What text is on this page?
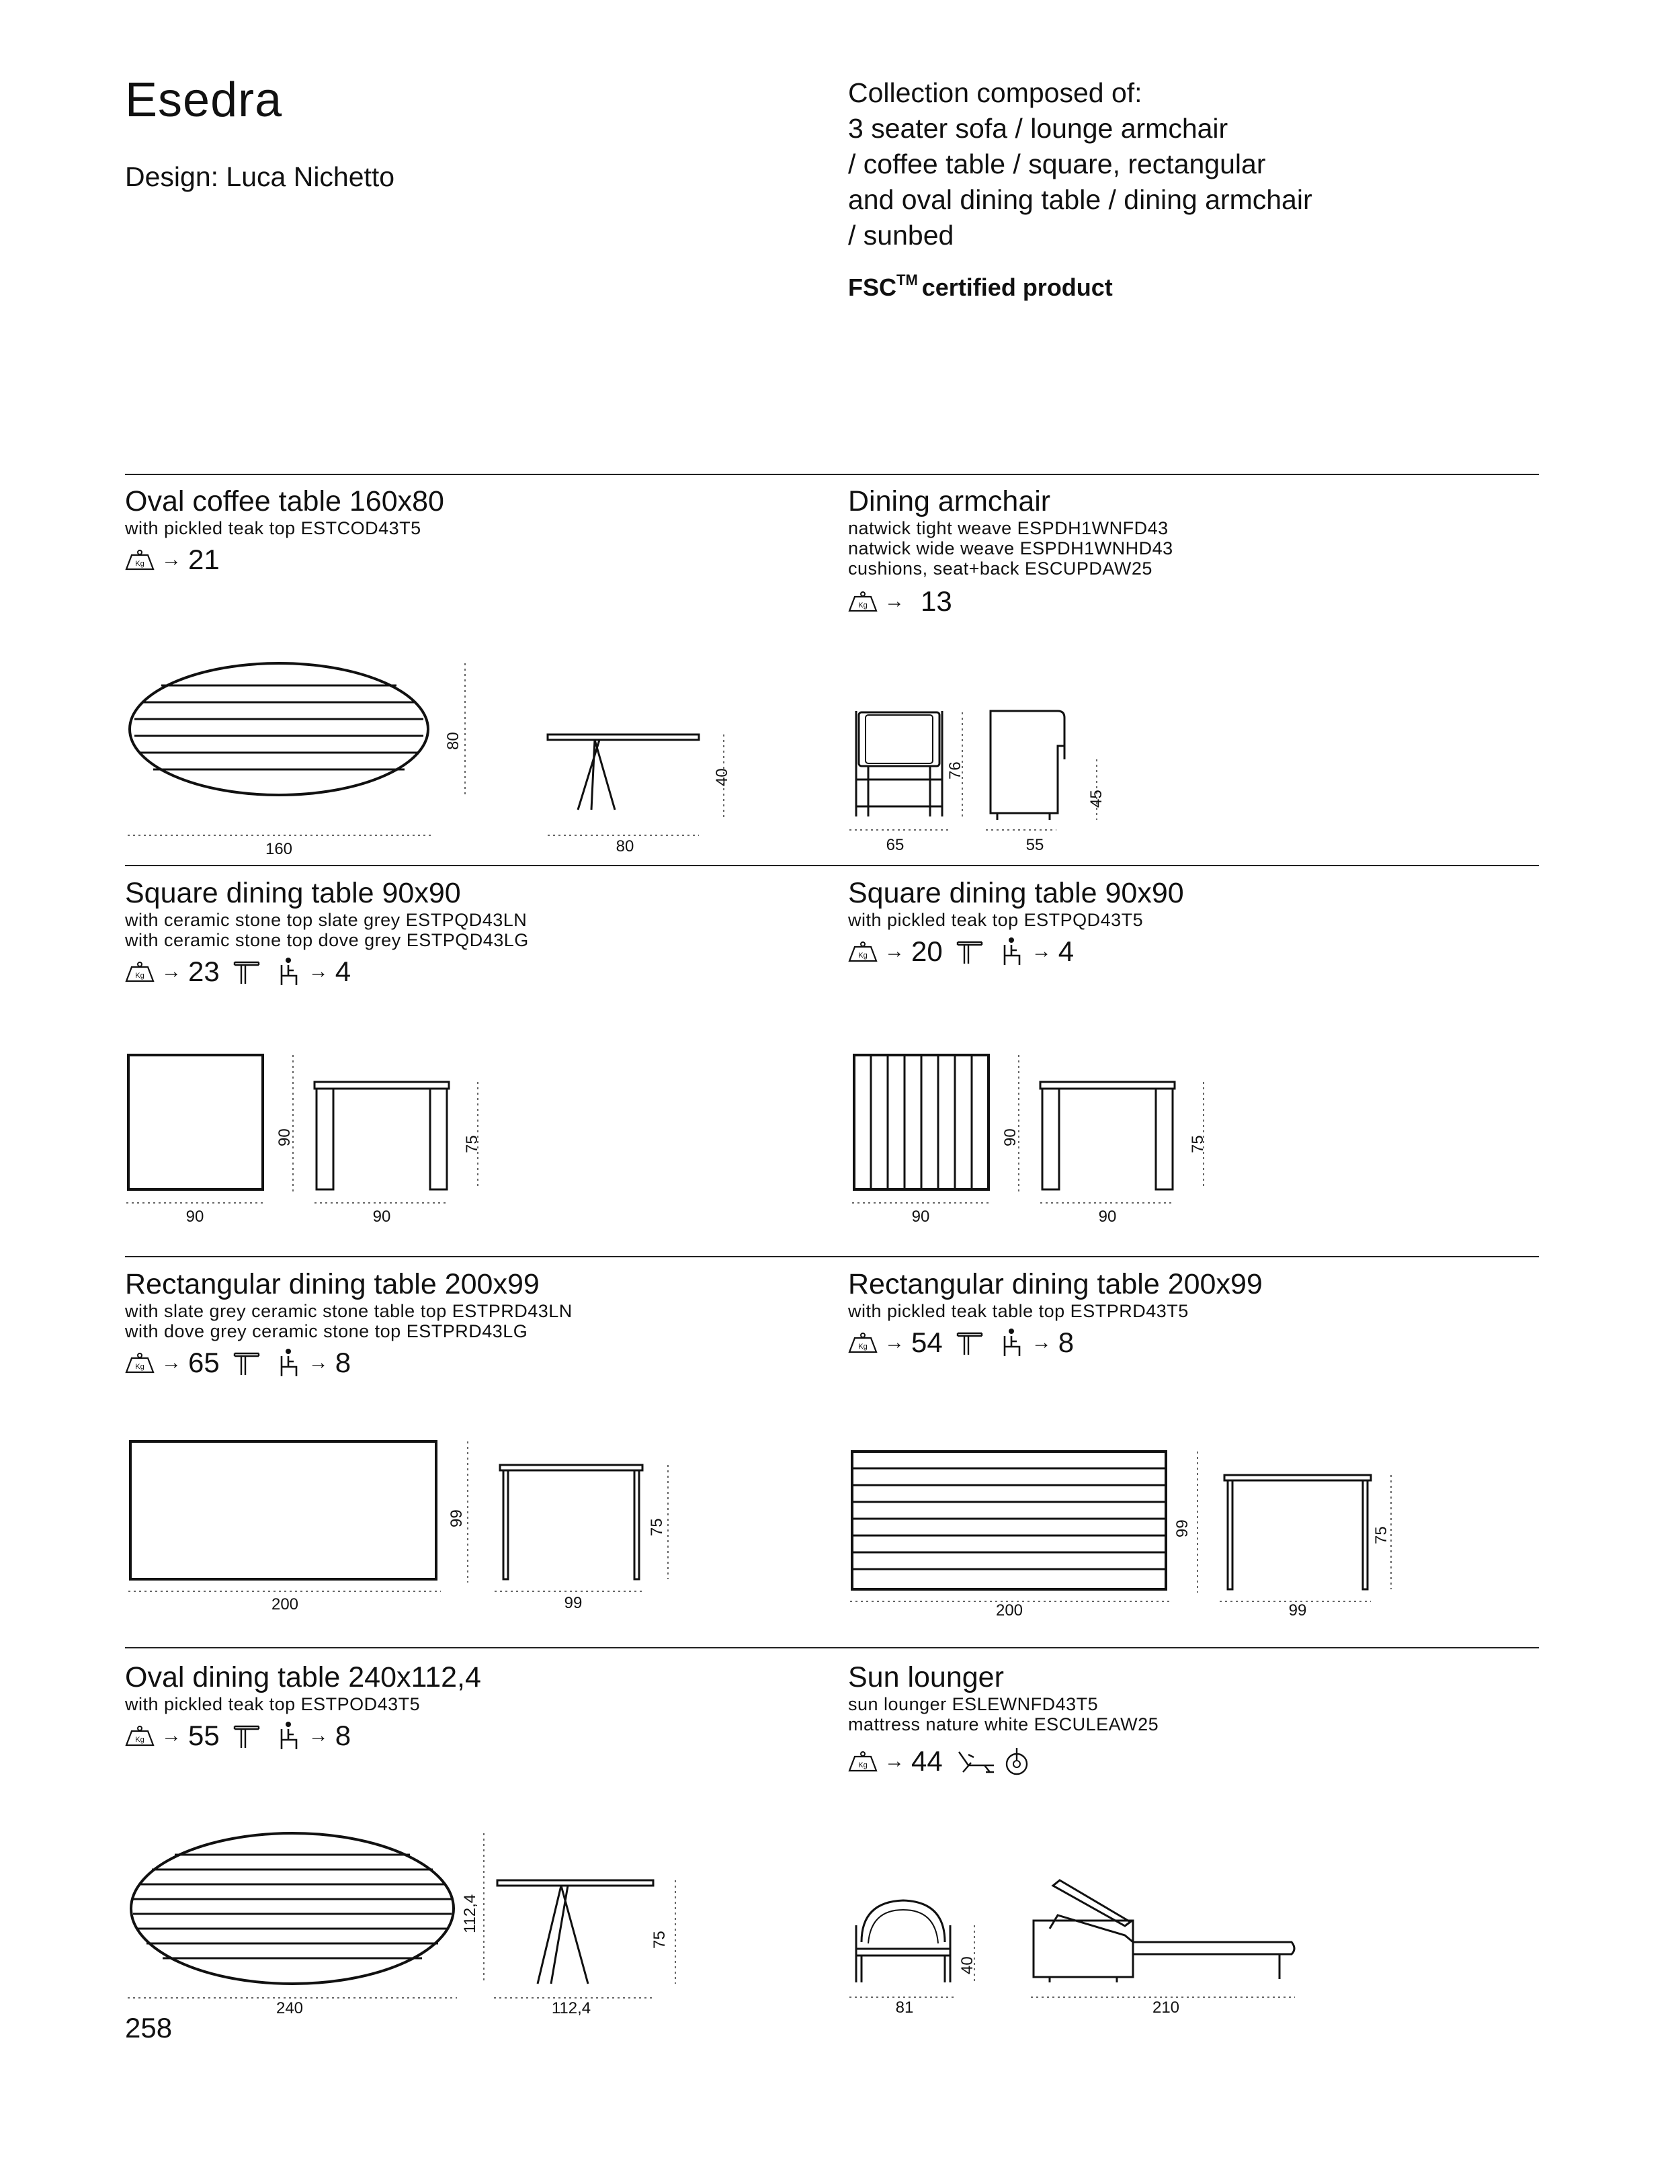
Esedra
Design: Luca Nichetto
Collection composed of:
3 seater sofa / lounge armchair
/ coffee table / square, rectangular
and oval dining table / dining armchair
/ sunbed
FSC™ certified product
Oval coffee table 160x80
with pickled teak top ESTCOD43T5
→ 21
160
80
80
40
Dining armchair
natwick tight weave ESPDH1WNFD43
natwick wide weave ESPDH1WNHD43
cushions, seat+back ESCUPDAW25
→ 13
65	55
76
45
Square dining table 90x90
with ceramic stone top slate grey ESTPQD43LN
with ceramic stone top dove grey ESTPQD43LG
→ 23	→ 4
90
90
90
75
Square dining table 90x90
with pickled teak top ESTPQD43T5
→ 20	→ 4
90
90
90
75
Rectangular dining table 200x99
with slate grey ceramic stone table top ESTPRD43LN
with dove grey ceramic stone top ESTPRD43LG
→ 65	→ 8
200
99
99
75
Rectangular dining table 200x99
with pickled teak table top ESTPRD43T5
→ 54	→ 8
200
99
99
75
Oval dining table 240x112,4
with pickled teak top ESTPOD43T5
→ 55	→ 8
240
112,4
112,4
75
Sun lounger
sun lounger ESLEWNFD43T5
mattress nature white ESCULEAW25
→ 44
81
40
210
258
